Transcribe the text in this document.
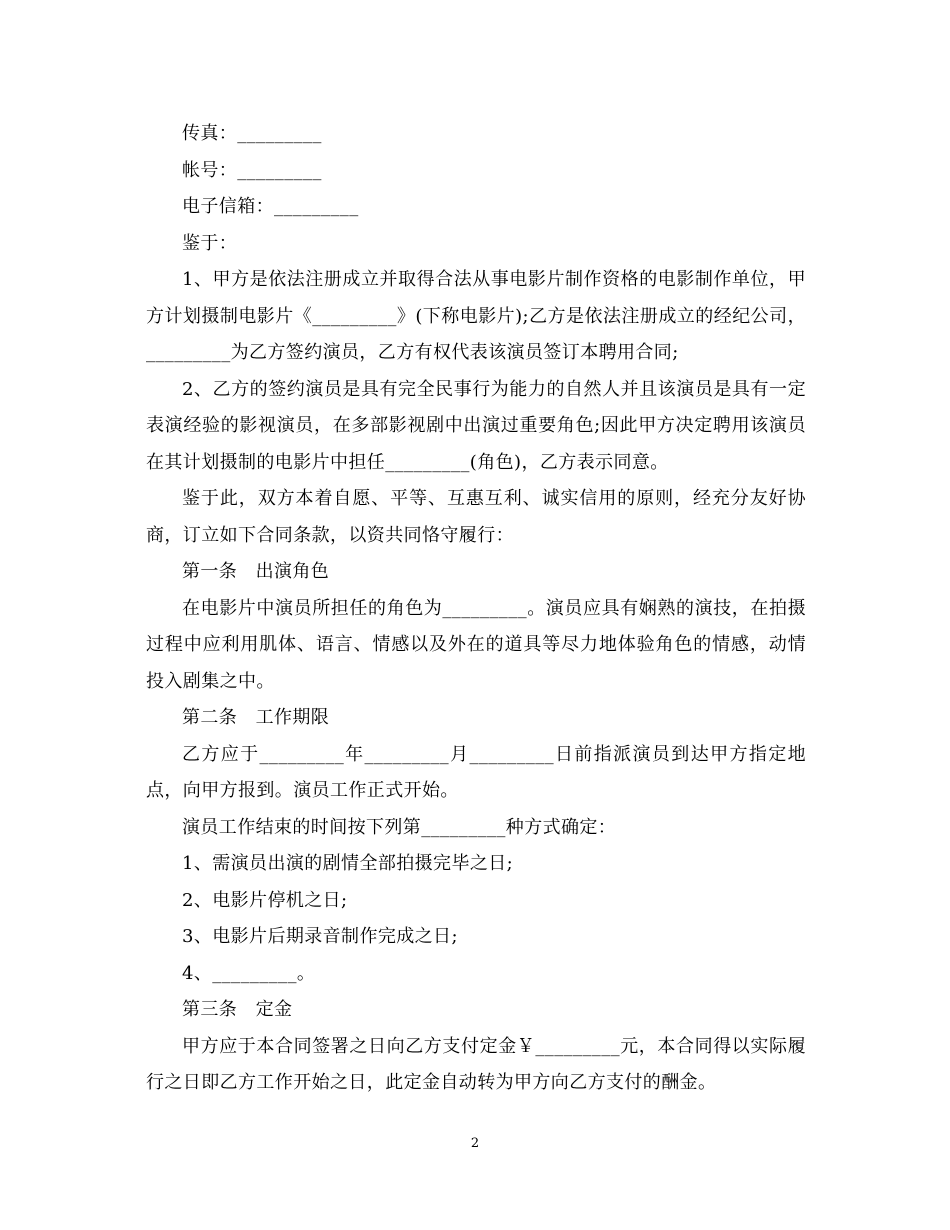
传真：_________

帐号：_________

电子信箱：_________

鉴于：

1、甲方是依法注册成立并取得合法从事电影片制作资格的电影制作单位，甲方计划摄制电影片《_________》(下称电影片);乙方是依法注册成立的经纪公司，_________为乙方签约演员，乙方有权代表该演员签订本聘用合同;

2、乙方的签约演员是具有完全民事行为能力的自然人并且该演员是具有一定表演经验的影视演员，在多部影视剧中出演过重要角色;因此甲方决定聘用该演员在其计划摄制的电影片中担任_________(角色)，乙方表示同意。

鉴于此，双方本着自愿、平等、互惠互利、诚实信用的原则，经充分友好协商，订立如下合同条款，以资共同恪守履行：

第一条　出演角色

在电影片中演员所担任的角色为_________。演员应具有娴熟的演技，在拍摄过程中应利用肌体、语言、情感以及外在的道具等尽力地体验角色的情感，动情投入剧集之中。

第二条　工作期限

乙方应于_________年_________月_________日前指派演员到达甲方指定地点，向甲方报到。演员工作正式开始。

演员工作结束的时间按下列第_________种方式确定：

1、需演员出演的剧情全部拍摄完毕之日;

2、电影片停机之日;

3、电影片后期录音制作完成之日;

4、_________。

第三条　定金

甲方应于本合同签署之日向乙方支付定金￥_________元，本合同得以实际履行之日即乙方工作开始之日，此定金自动转为甲方向乙方支付的酬金。

2
